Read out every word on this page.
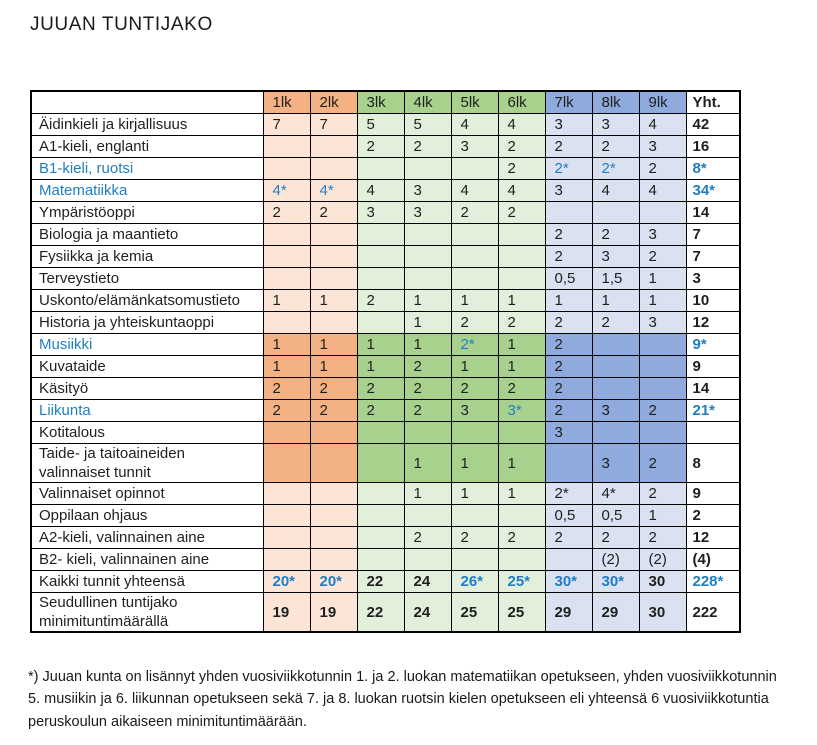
JUUAN TUNTIJAKO
	1lk	2lk	3lk	4lk	5lk	6lk	7lk	8lk	9lk	Yht.
Äidinkieli ja kirjallisuus	7	7	5	5	4	4	3	3	4	42
A1-kieli, englanti			2	2	3	2	2	2	3	16
B1-kieli, ruotsi						2	2*	2*	2	8*
Matematiikka	4*	4*	4	3	4	4	3	4	4	34*
Ympäristöoppi	2	2	3	3	2	2				14
Biologia ja maantieto							2	2	3	7
Fysiikka ja kemia							2	3	2	7
Terveystieto							0,5	1,5	1	3
Uskonto/elämänkatsomustieto	1	1	2	1	1	1	1	1	1	10
Historia ja yhteiskuntaoppi				1	2	2	2	2	3	12
Musiikki	1	1	1	1	2*	1	2			9*
Kuvataide	1	1	1	2	1	1	2			9
Käsityö	2	2	2	2	2	2	2			14
Liikunta	2	2	2	2	3	3*	2	3	2	21*
Kotitalous							3			
Taide- ja taitoaineiden valinnaiset tunnit				1	1	1		3	2	8
Valinnaiset opinnot				1	1	1	2*	4*	2	9
Oppilaan ohjaus							0,5	0,5	1	2
A2-kieli, valinnainen aine				2	2	2	2	2	2	12
B2- kieli, valinnainen aine								(2)	(2)	(4)
Kaikki tunnit yhteensä	20*	20*	22	24	26*	25*	30*	30*	30	228*
Seudullinen tuntijako minimituntimäärällä	19	19	22	24	25	25	29	29	30	222
*) Juuan kunta on lisännyt yhden vuosiviikkotunnin 1. ja 2. luokan matematiikan opetukseen, yhden vuosiviikkotunnin 5. musiikin ja 6. liikunnan opetukseen sekä 7. ja 8. luokan ruotsin kielen opetukseen eli yhteensä 6 vuosiviikkotuntia peruskoulun aikaiseen minimituntimäärään.
